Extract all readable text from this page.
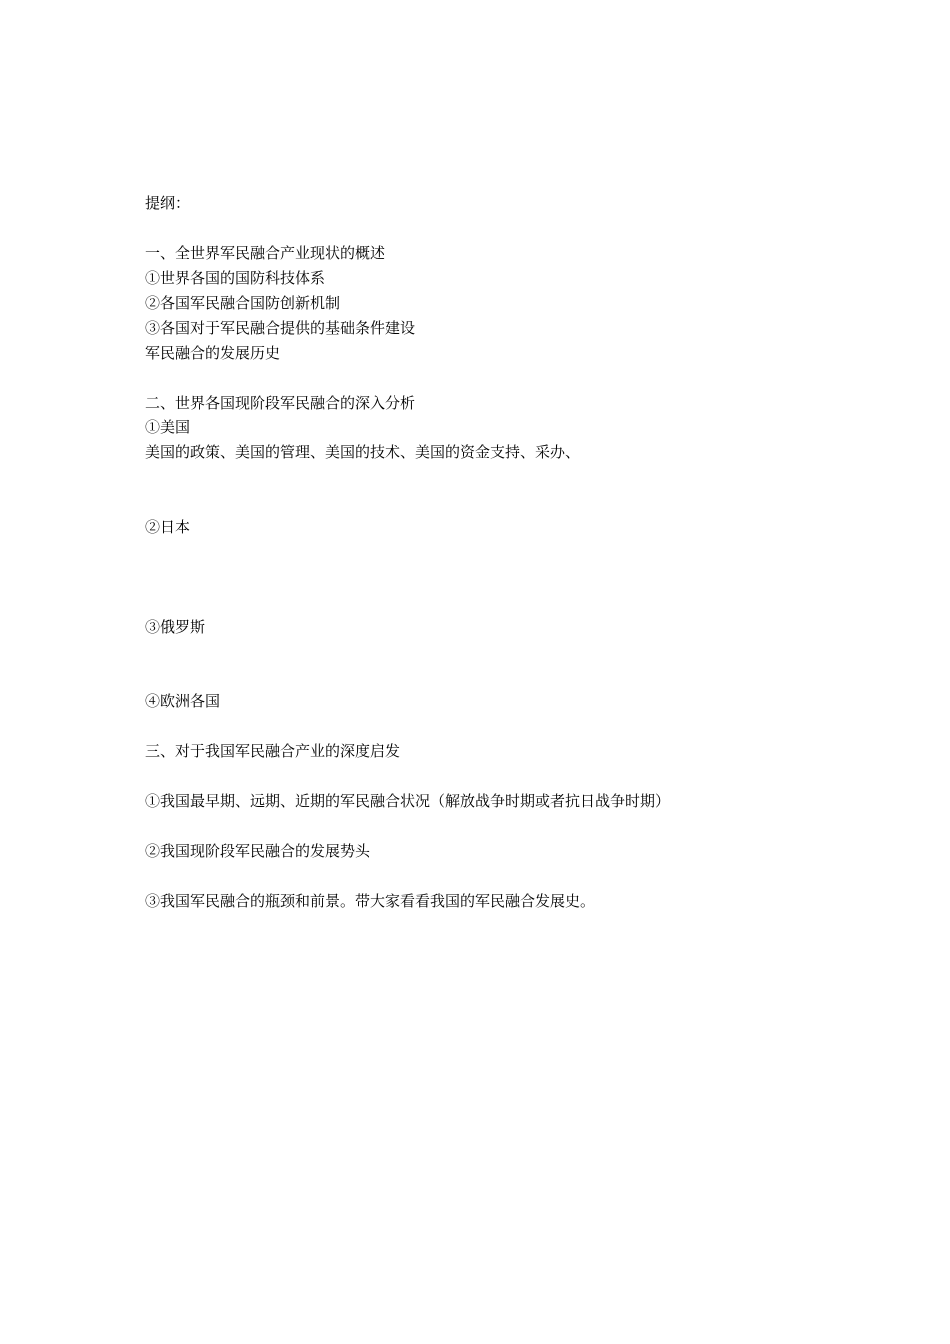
提纲：
一、全世界军民融合产业现状的概述
①世界各国的国防科技体系
②各国军民融合国防创新机制
③各国对于军民融合提供的基础条件建设
军民融合的发展历史
二、世界各国现阶段军民融合的深入分析
①美国
美国的政策、美国的管理、美国的技术、美国的资金支持、采办、
②日本
③俄罗斯
④欧洲各国
三、对于我国军民融合产业的深度启发
①我国最早期、远期、近期的军民融合状况（解放战争时期或者抗日战争时期）
②我国现阶段军民融合的发展势头
③我国军民融合的瓶颈和前景。带大家看看我国的军民融合发展史。
